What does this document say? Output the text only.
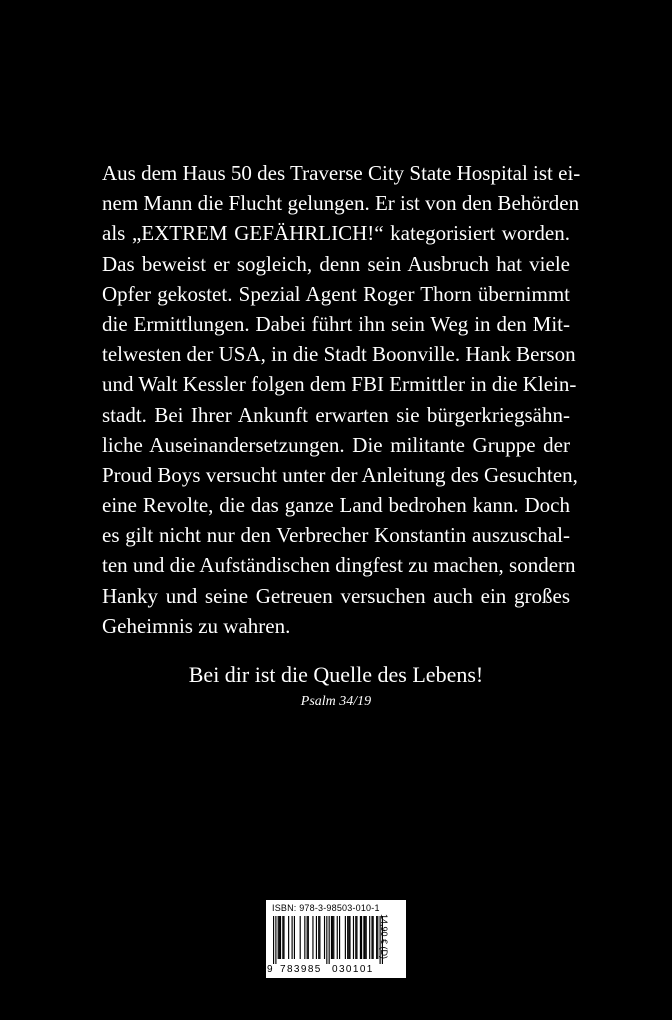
Aus dem Haus 50 des Traverse City State Hospital ist ei-
nem Mann die Flucht gelungen. Er ist von den Behörden
als „EXTREM GEFÄHRLICH!“ kategorisiert worden.
Das beweist er sogleich, denn sein Ausbruch hat viele
Opfer gekostet. Spezial Agent Roger Thorn übernimmt
die Ermittlungen. Dabei führt ihn sein Weg in den Mit-
telwesten der USA, in die Stadt Boonville. Hank Berson
und Walt Kessler folgen dem FBI Ermittler in die Klein-
stadt. Bei Ihrer Ankunft erwarten sie bürgerkriegsähn-
liche Auseinandersetzungen. Die militante Gruppe der
Proud Boys versucht unter der Anleitung des Gesuchten,
eine Revolte, die das ganze Land bedrohen kann. Doch
es gilt nicht nur den Verbrecher Konstantin auszuschal-
ten und die Aufständischen dingfest zu machen, sondern
Hanky und seine Getreuen versuchen auch ein großes
Geheimnis zu wahren.
Bei dir ist die Quelle des Lebens!
Psalm 34/19
ISBN: 978-3-98503-010-1
9 783985 030101
14,90 € (D)
